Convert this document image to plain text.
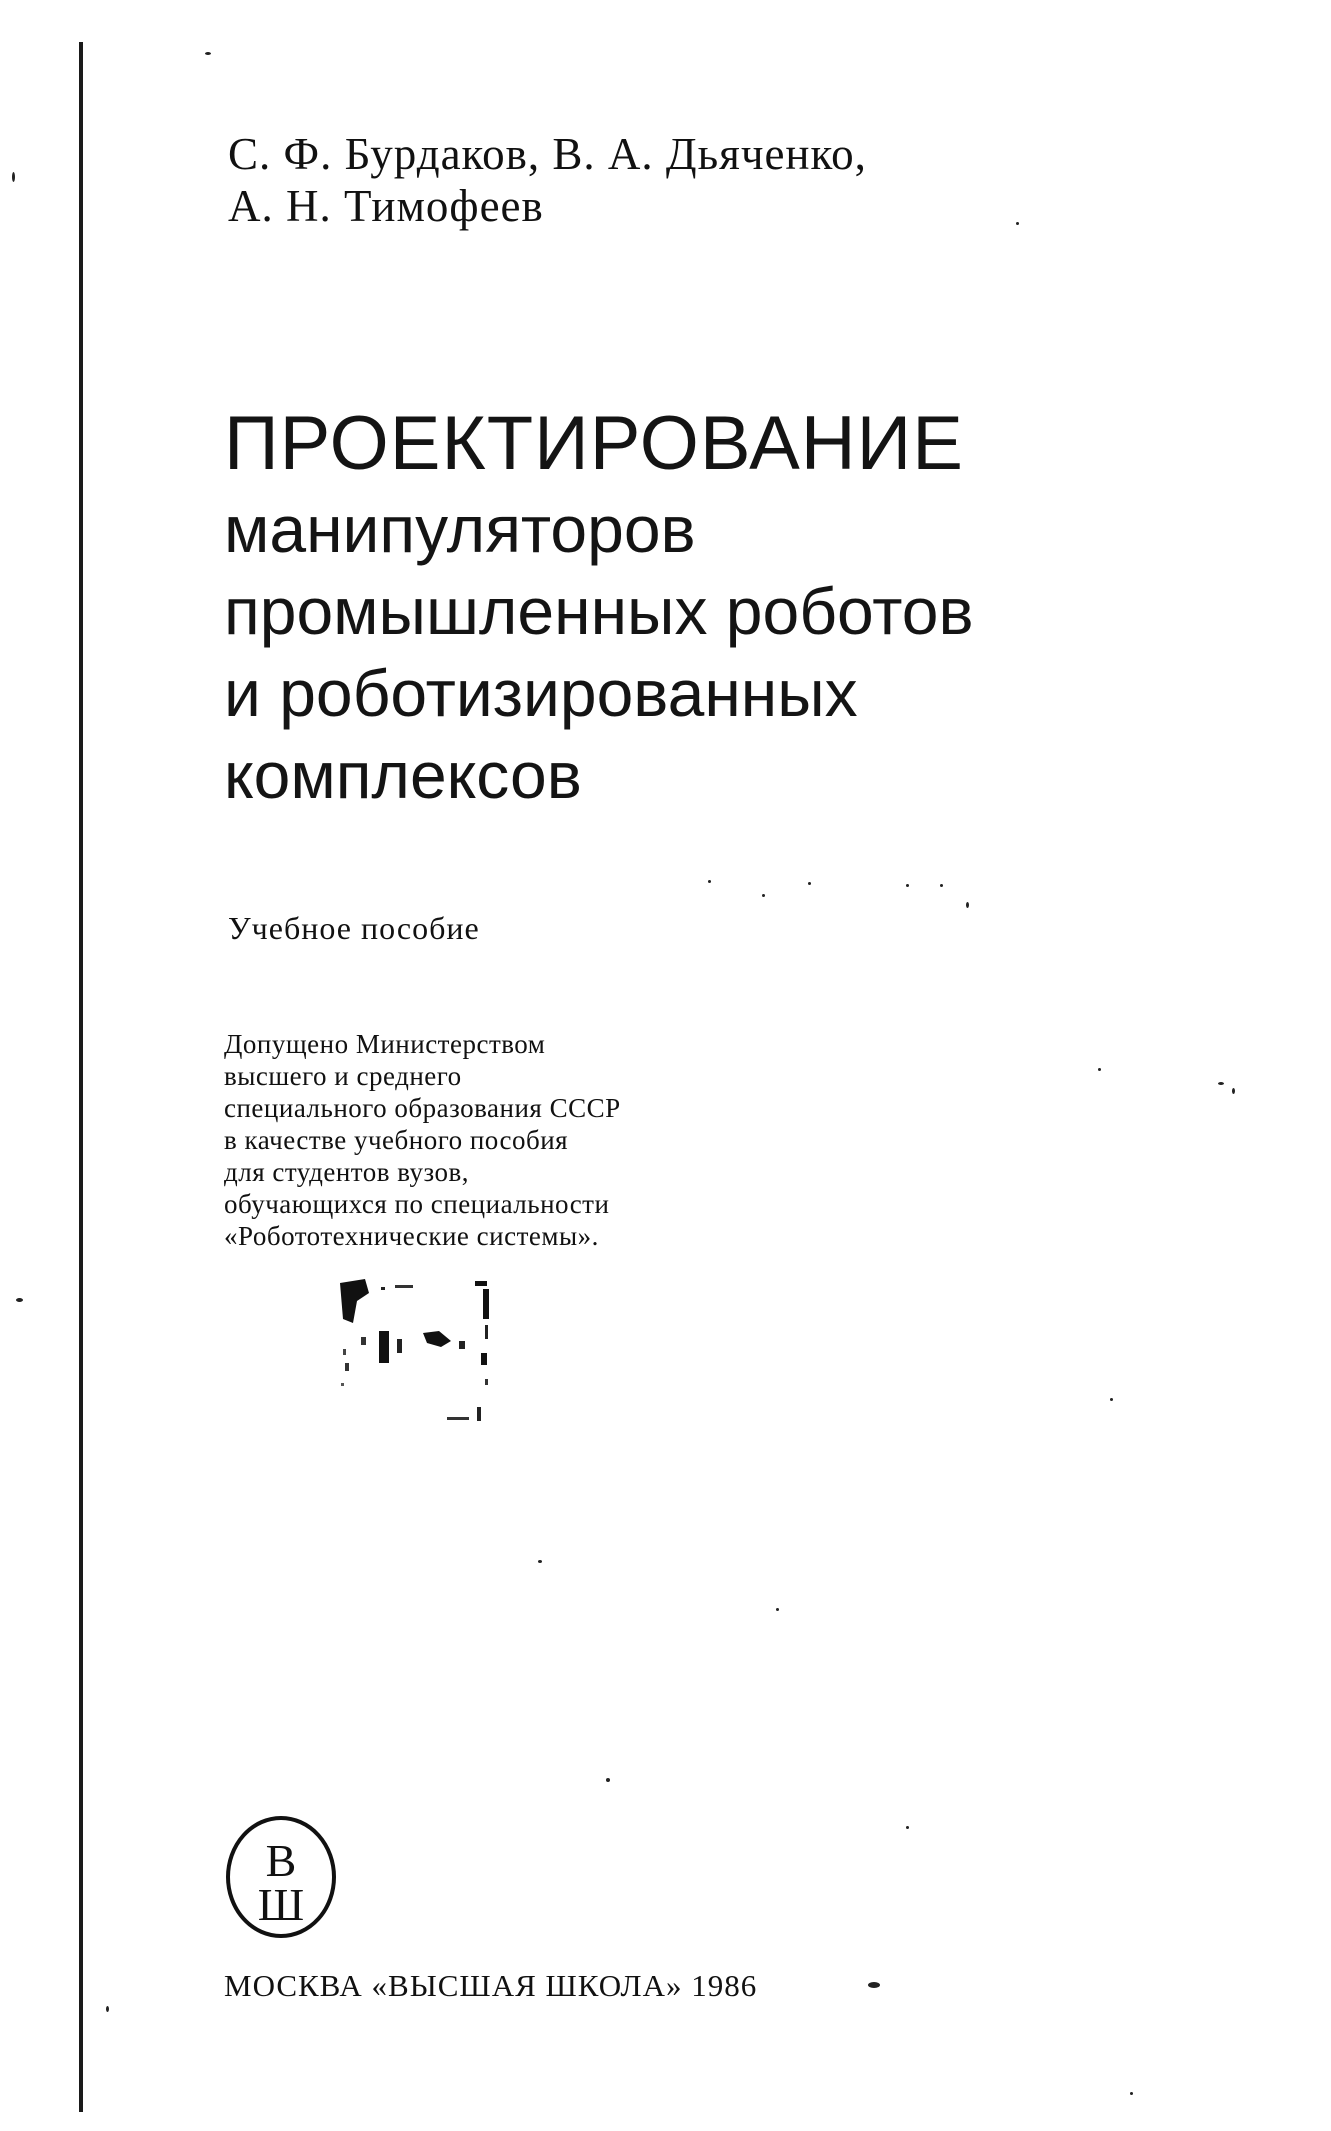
С. Ф. Бурдаков, В. А. Дьяченко,
А. Н. Тимофеев
ПРОЕКТИРОВАНИЕ
манипуляторов
промышленных роботов
и роботизированных
комплексов
Учебное пособие
Допущено Министерством
высшего и среднего
специального образования СССР
в качестве учебного пособия
для студентов вузов,
обучающихся по специальности
«Робототехнические системы».
В
Ш
МОСКВА «ВЫСШАЯ ШКОЛА» 1986
